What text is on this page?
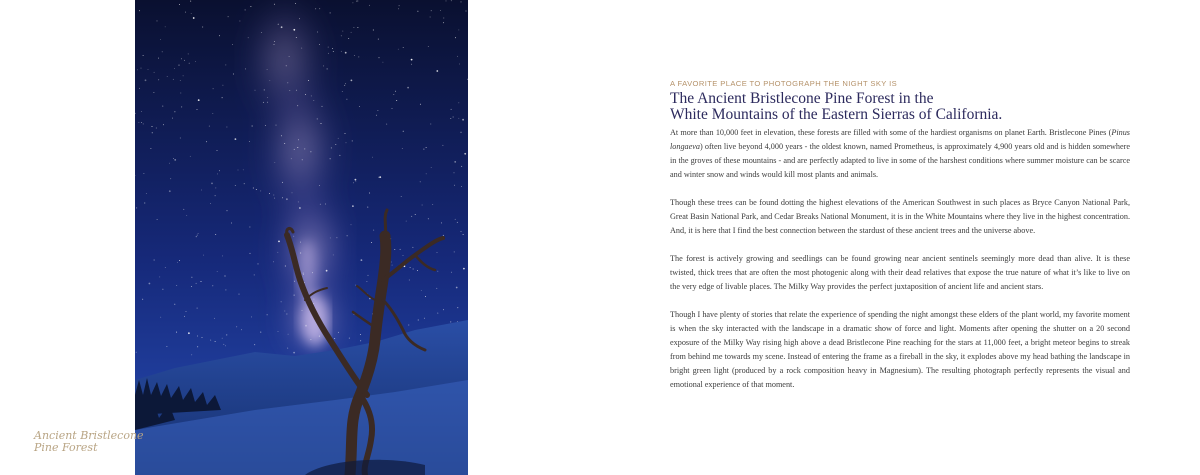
Ancient Bristlecone
Pine Forest
A FAVORITE PLACE TO PHOTOGRAPH THE NIGHT SKY IS
The Ancient Bristlecone Pine Forest in the
White Mountains of the Eastern Sierras of California.

At more than 10,000 feet in elevation, these forests are filled with some of the hardiest organisms on planet Earth. Bristlecone Pines (Pinus longaeva) often live beyond 4,000 years - the oldest known, named Prometheus, is approximately 4,900 years old and is hidden somewhere in the groves of these mountains - and are perfectly adapted to live in some of the harshest conditions where summer moisture can be scarce and winter snow and winds would kill most plants and animals.

Though these trees can be found dotting the highest elevations of the American Southwest in such places as Bryce Canyon National Park, Great Basin National Park, and Cedar Breaks National Monument, it is in the White Mountains where they live in the highest concentration. And, it is here that I find the best connection between the stardust of these ancient trees and the universe above.

The forest is actively growing and seedlings can be found growing near ancient sentinels seemingly more dead than alive. It is these twisted, thick trees that are often the most photogenic along with their dead relatives that expose the true nature of what it’s like to live on the very edge of livable places. The Milky Way provides the perfect juxtaposition of ancient life and ancient stars.

Though I have plenty of stories that relate the experience of spending the night amongst these elders of the plant world, my favorite moment is when the sky interacted with the landscape in a dramatic show of force and light. Moments after opening the shutter on a 20 second exposure of the Milky Way rising high above a dead Bristlecone Pine reaching for the stars at 11,000 feet, a bright meteor begins to streak from behind me towards my scene. Instead of entering the frame as a fireball in the sky, it explodes above my head bathing the landscape in bright green light (produced by a rock composition heavy in Magnesium). The resulting photograph perfectly represents the visual and emotional experience of that moment.
